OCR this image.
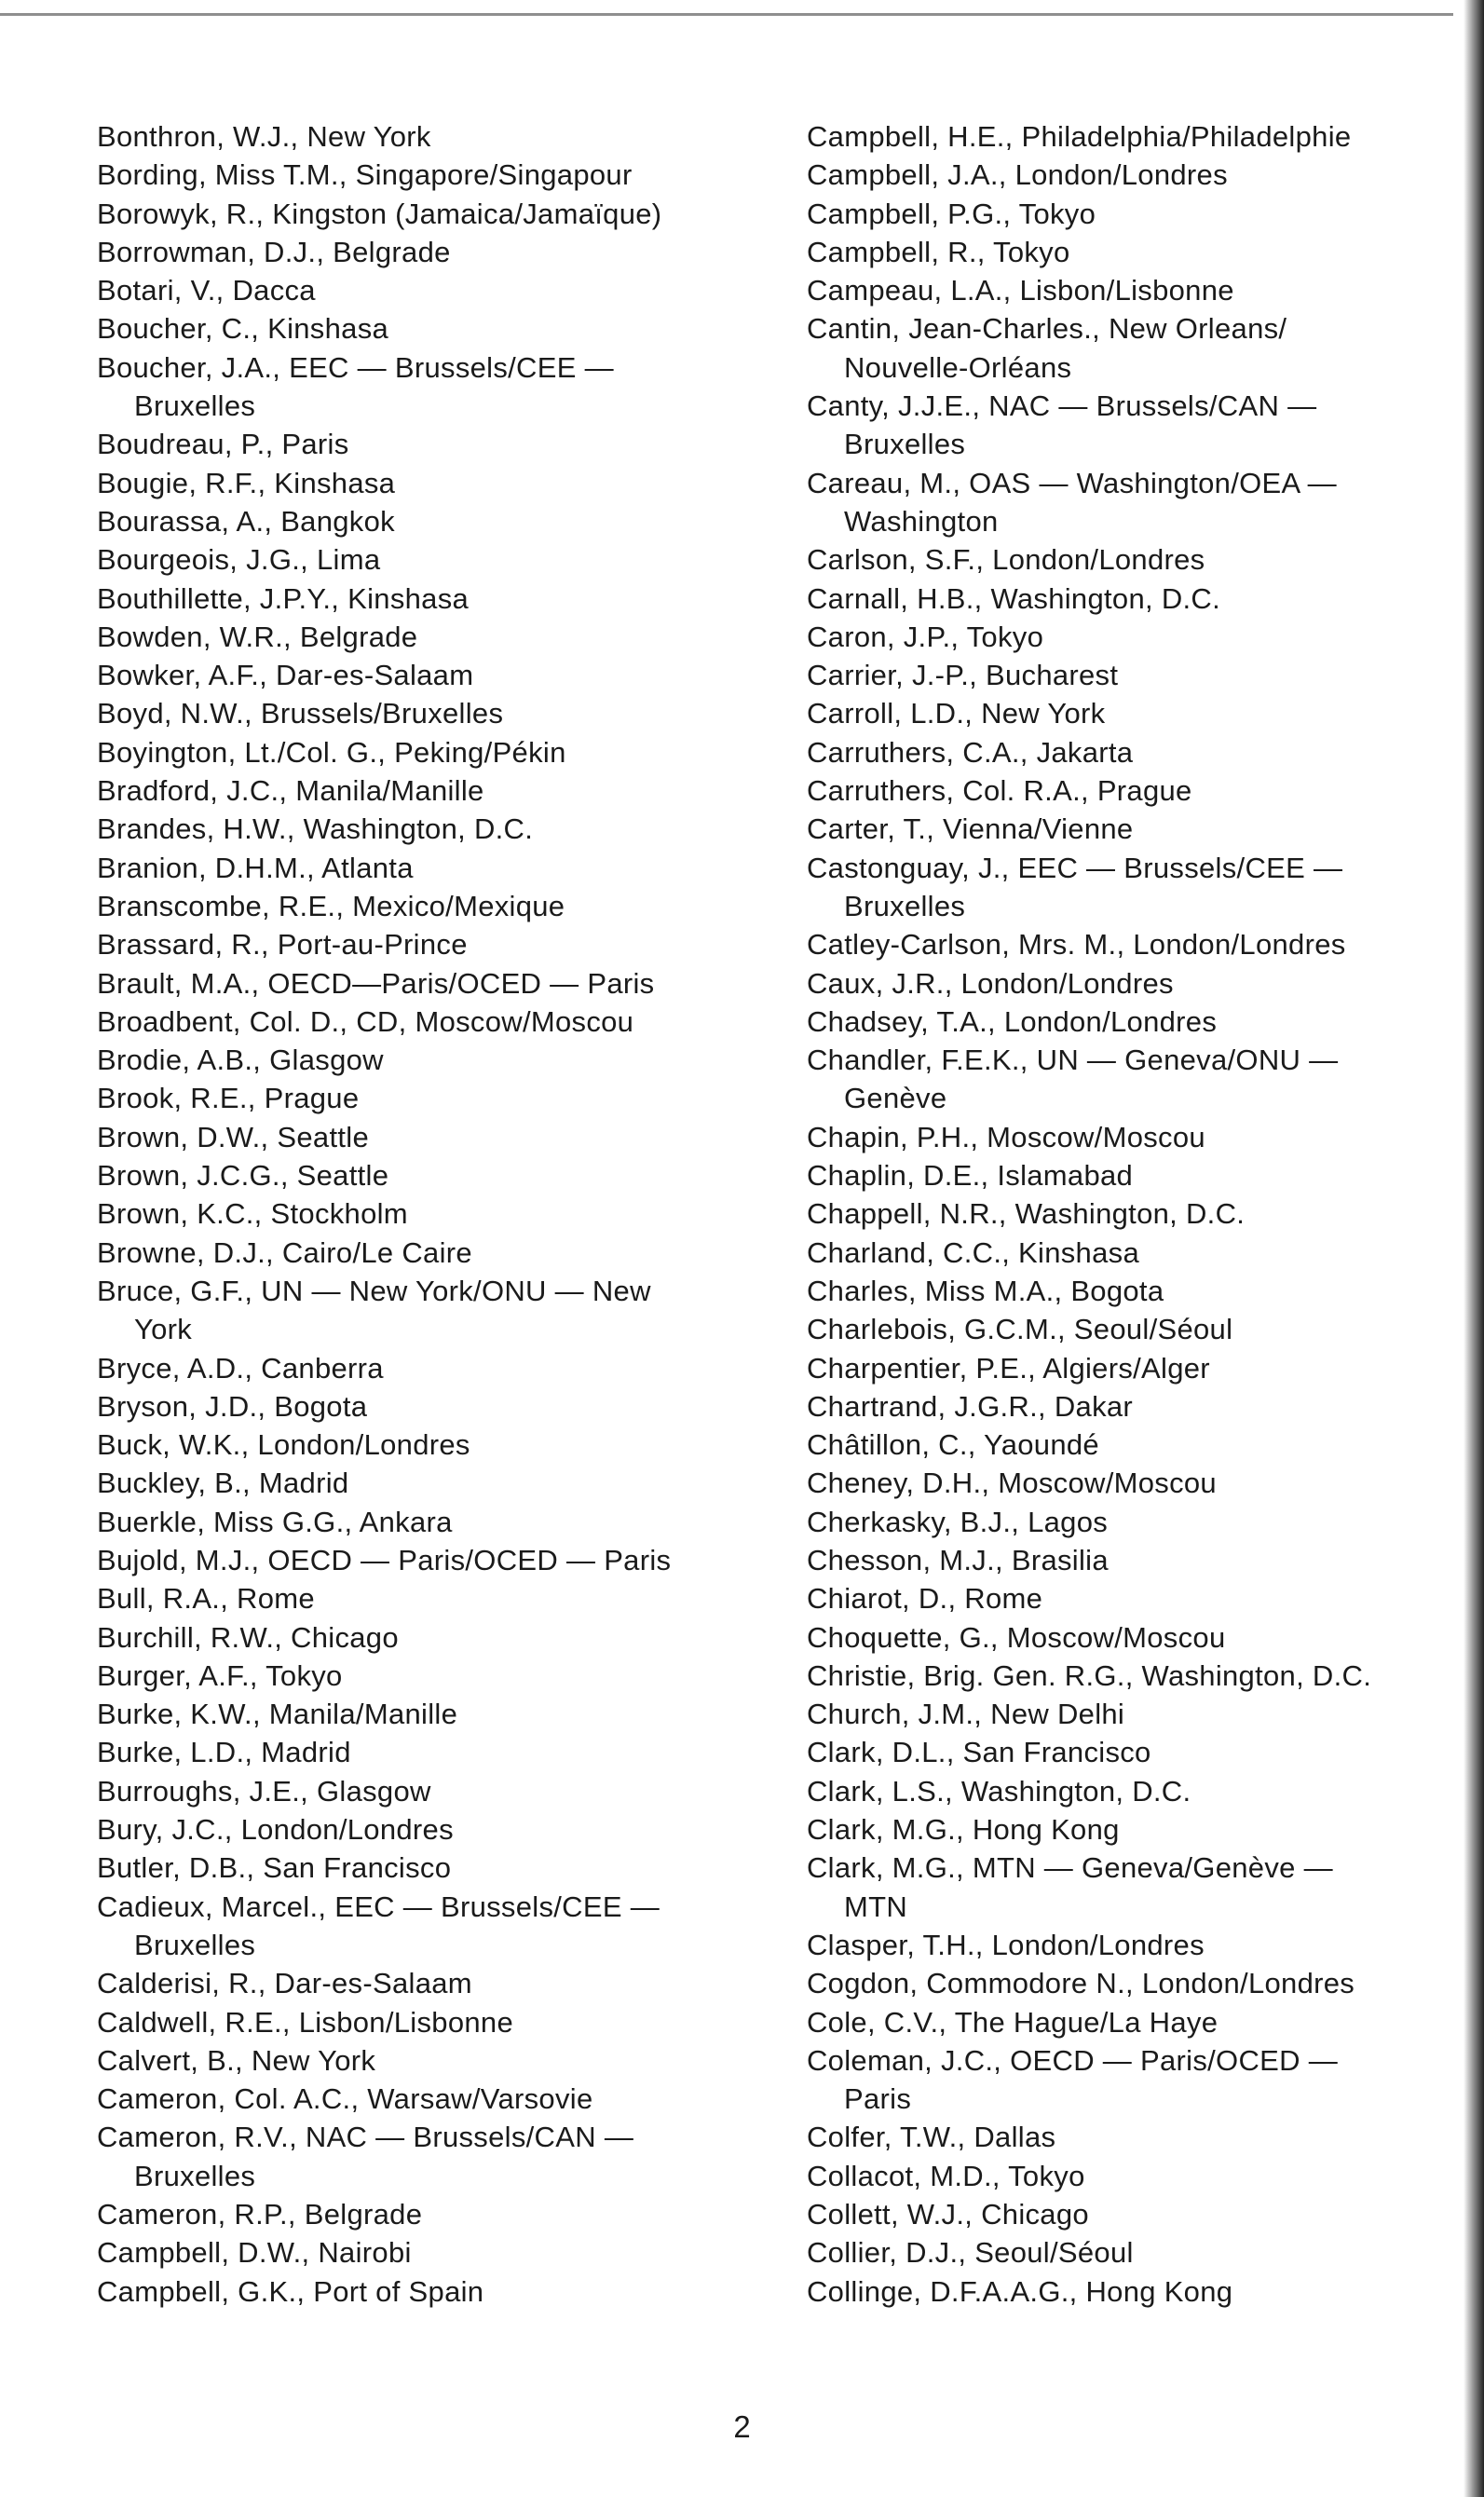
Bonthron, W.J., New York
Bording, Miss T.M., Singapore/Singapour
Borowyk, R., Kingston (Jamaica/Jamaïque)
Borrowman, D.J., Belgrade
Botari, V., Dacca
Boucher, C., Kinshasa
Boucher, J.A., EEC — Brussels/CEE —
Bruxelles
Boudreau, P., Paris
Bougie, R.F., Kinshasa
Bourassa, A., Bangkok
Bourgeois, J.G., Lima
Bouthillette, J.P.Y., Kinshasa
Bowden, W.R., Belgrade
Bowker, A.F., Dar-es-Salaam
Boyd, N.W., Brussels/Bruxelles
Boyington, Lt./Col. G., Peking/Pékin
Bradford, J.C., Manila/Manille
Brandes, H.W., Washington, D.C.
Branion, D.H.M., Atlanta
Branscombe, R.E., Mexico/Mexique
Brassard, R., Port-au-Prince
Brault, M.A., OECD—Paris/OCED — Paris
Broadbent, Col. D., CD, Moscow/Moscou
Brodie, A.B., Glasgow
Brook, R.E., Prague
Brown, D.W., Seattle
Brown, J.C.G., Seattle
Brown, K.C., Stockholm
Browne, D.J., Cairo/Le Caire
Bruce, G.F., UN — New York/ONU — New
York
Bryce, A.D., Canberra
Bryson, J.D., Bogota
Buck, W.K., London/Londres
Buckley, B., Madrid
Buerkle, Miss G.G., Ankara
Bujold, M.J., OECD — Paris/OCED — Paris
Bull, R.A., Rome
Burchill, R.W., Chicago
Burger, A.F., Tokyo
Burke, K.W., Manila/Manille
Burke, L.D., Madrid
Burroughs, J.E., Glasgow
Bury, J.C., London/Londres
Butler, D.B., San Francisco
Cadieux, Marcel., EEC — Brussels/CEE —
Bruxelles
Calderisi, R., Dar-es-Salaam
Caldwell, R.E., Lisbon/Lisbonne
Calvert, B., New York
Cameron, Col. A.C., Warsaw/Varsovie
Cameron, R.V., NAC — Brussels/CAN —
Bruxelles
Cameron, R.P., Belgrade
Campbell, D.W., Nairobi
Campbell, G.K., Port of Spain
Campbell, H.E., Philadelphia/Philadelphie
Campbell, J.A., London/Londres
Campbell, P.G., Tokyo
Campbell, R., Tokyo
Campeau, L.A., Lisbon/Lisbonne
Cantin, Jean-Charles., New Orleans/
Nouvelle-Orléans
Canty, J.J.E., NAC — Brussels/CAN —
Bruxelles
Careau, M., OAS — Washington/OEA —
Washington
Carlson, S.F., London/Londres
Carnall, H.B., Washington, D.C.
Caron, J.P., Tokyo
Carrier, J.-P., Bucharest
Carroll, L.D., New York
Carruthers, C.A., Jakarta
Carruthers, Col. R.A., Prague
Carter, T., Vienna/Vienne
Castonguay, J., EEC — Brussels/CEE —
Bruxelles
Catley-Carlson, Mrs. M., London/Londres
Caux, J.R., London/Londres
Chadsey, T.A., London/Londres
Chandler, F.E.K., UN — Geneva/ONU —
Genève
Chapin, P.H., Moscow/Moscou
Chaplin, D.E., Islamabad
Chappell, N.R., Washington, D.C.
Charland, C.C., Kinshasa
Charles, Miss M.A., Bogota
Charlebois, G.C.M., Seoul/Séoul
Charpentier, P.E., Algiers/Alger
Chartrand, J.G.R., Dakar
Châtillon, C., Yaoundé
Cheney, D.H., Moscow/Moscou
Cherkasky, B.J., Lagos
Chesson, M.J., Brasilia
Chiarot, D., Rome
Choquette, G., Moscow/Moscou
Christie, Brig. Gen. R.G., Washington, D.C.
Church, J.M., New Delhi
Clark, D.L., San Francisco
Clark, L.S., Washington, D.C.
Clark, M.G., Hong Kong
Clark, M.G., MTN — Geneva/Genève —
MTN
Clasper, T.H., London/Londres
Cogdon, Commodore N., London/Londres
Cole, C.V., The Hague/La Haye
Coleman, J.C., OECD — Paris/OCED —
Paris
Colfer, T.W., Dallas
Collacot, M.D., Tokyo
Collett, W.J., Chicago
Collier, D.J., Seoul/Séoul
Collinge, D.F.A.A.G., Hong Kong
2
